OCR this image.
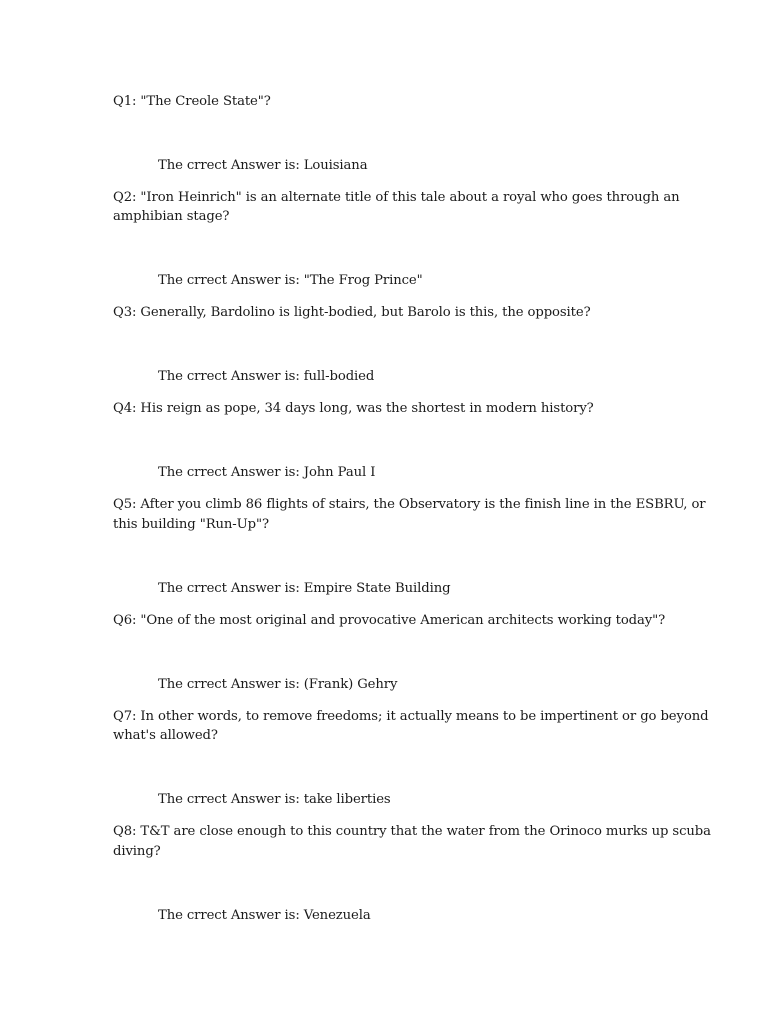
Q1: "The Creole State"?
The crrect Answer is: Louisiana
Q2: "Iron Heinrich" is an alternate title of this tale about a royal who goes through an
amphibian stage?
The crrect Answer is: "The Frog Prince"
Q3: Generally, Bardolino is light-bodied, but Barolo is this, the opposite?
The crrect Answer is: full-bodied
Q4: His reign as pope, 34 days long, was the shortest in modern history?
The crrect Answer is: John Paul I
Q5: After you climb 86 flights of stairs, the Observatory is the finish line in the ESBRU, or
this building "Run-Up"?
The crrect Answer is: Empire State Building
Q6: "One of the most original and provocative American architects working today"?
The crrect Answer is: (Frank) Gehry
Q7: In other words, to remove freedoms; it actually means to be impertinent or go beyond
what's allowed?
The crrect Answer is: take liberties
Q8: T&T are close enough to this country that the water from the Orinoco murks up scuba
diving?
The crrect Answer is: Venezuela
